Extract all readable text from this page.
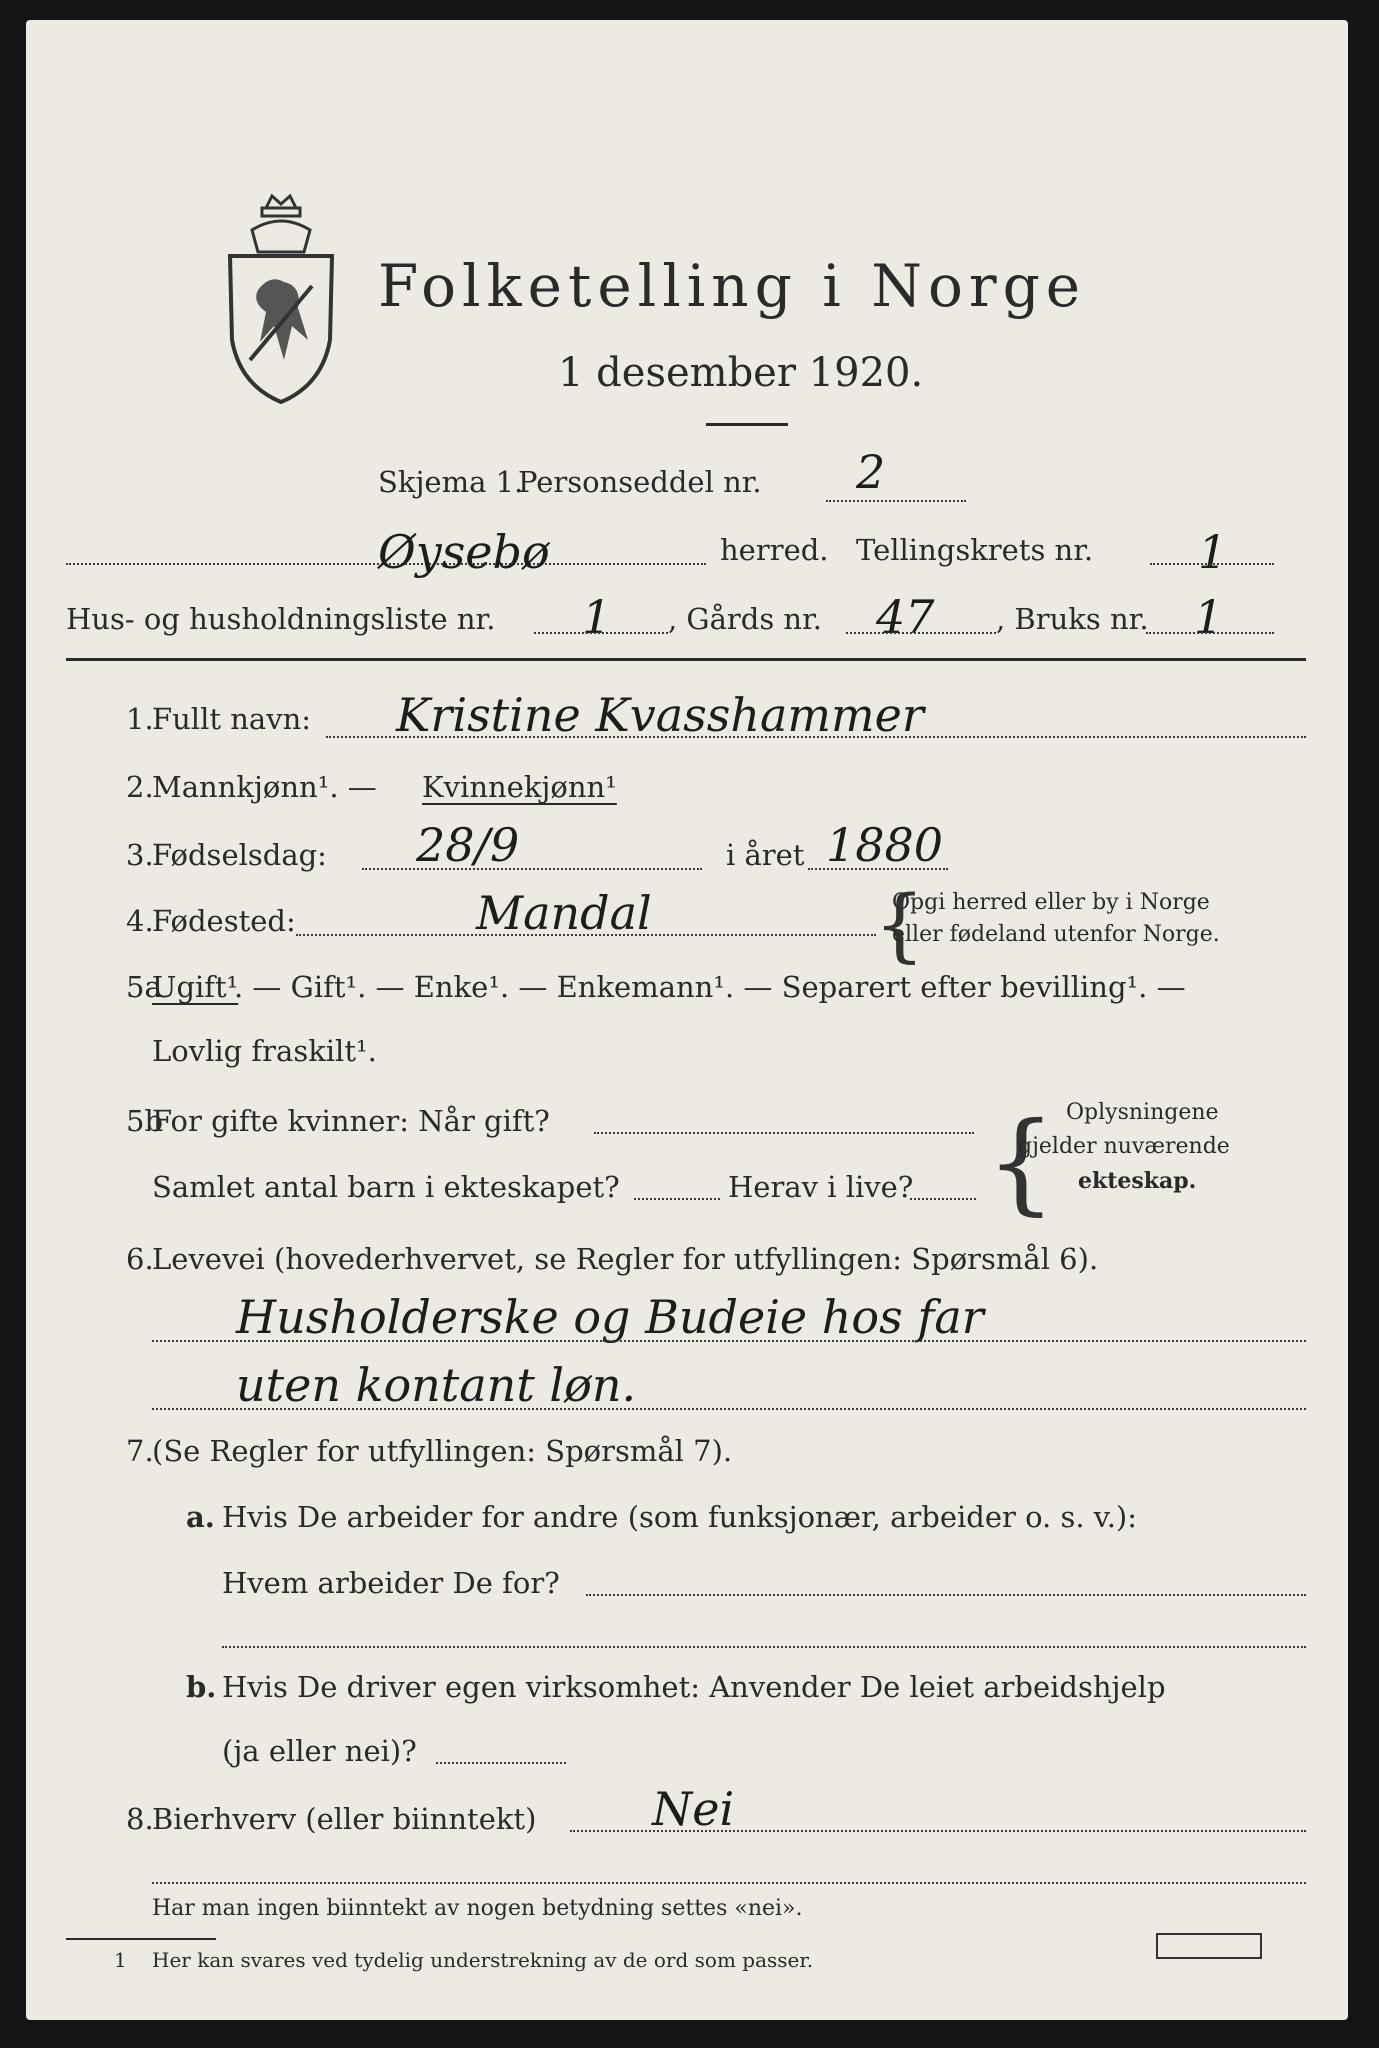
Folketelling i Norge
1 desember 1920.
Skjema 1.
Personseddel nr. 2
Øysebø	herred. Tellingskrets nr. 1
Hus- og husholdningsliste nr. 1 , Gårds nr. 47 , Bruks nr. 1
1.
Fullt navn: Kristine Kvasshammer
2.
Mannkjønn¹. — Kvinnekjønn¹
3.
Fødselsdag: 28/9	i året 1880
4.
Fødested:	Mandal	{
Opgi herred eller by i Norge
eller fødeland utenfor Norge.
5a
Ugift¹
. — Gift¹. — Enke¹. — Enkemann¹. — Separert efter bevilling¹. —
Lovlig fraskilt¹.
5b
For gifte kvinner: Når gift?
Samlet antal barn i ekteskapet?	Herav i live? { Oplysningene
gjelder nuværende
ekteskap.
6.
Levevei (hovederhvervet, se Regler for utfyllingen: Spørsmål 6).
Husholderske og Budeie hos far
uten kontant løn.
7.
(Se Regler for utfyllingen: Spørsmål 7).
a. Hvis De arbeider for andre (som funksjonær, arbeider o. s. v.):
Hvem arbeider De for?
b. Hvis De driver egen virksomhet: Anvender De leiet arbeidshjelp
(ja eller nei)?
8.
Bierhverv (eller biinntekt)	Nei
Har man ingen biinntekt av nogen betydning settes «nei».
1 Her kan svares ved tydelig understrekning av de ord som passer.
